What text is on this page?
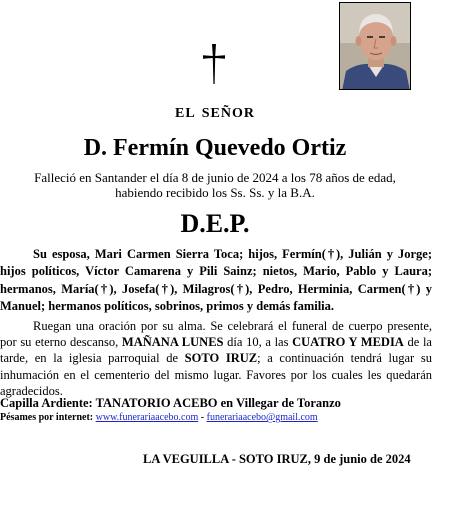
EL SEÑOR
D. Fermín Quevedo Ortiz
Falleció en Santander el día 8 de junio de 2024 a los 78 años de edad,
habiendo recibido los Ss. Ss. y la B.A.
D.E.P.

Su esposa, Mari Carmen Sierra Toca; hijos, Fermín(†), Julián y Jorge; hijos políticos, Víctor Camarena y Pili Sainz; nietos, Mario, Pablo y Laura; hermanos, María(†), Josefa(†), Milagros(†), Pedro, Herminia, Carmen(†) y Manuel; hermanos políticos, sobrinos, primos y demás familia.

Ruegan una oración por su alma. Se celebrará el funeral de cuerpo presente, por su eterno descanso, MAÑANA LUNES día 10, a las CUATRO Y MEDIA de la tarde, en la iglesia parroquial de SOTO IRUZ; a continuación tendrá lugar su inhumación en el cementerio del mismo lugar. Favores por los cuales les quedarán agradecidos.

Capilla Ardiente: TANATORIO ACEBO en Villegar de Toranzo
Pésames por internet: www.funerariaacebo.com - funerariaacebo@gmail.com
LA VEGUILLA - SOTO IRUZ, 9 de junio de 2024
